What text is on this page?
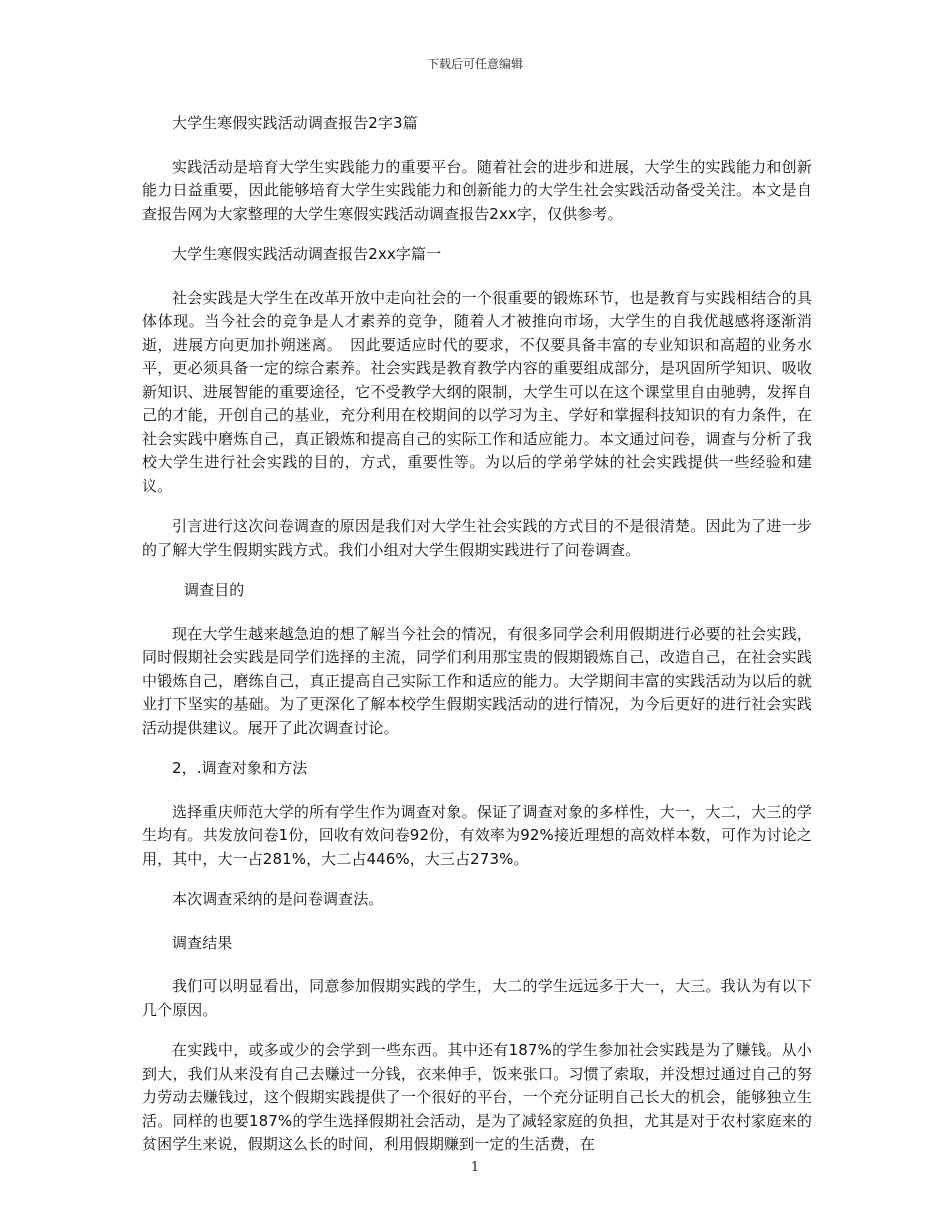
下载后可任意编辑

大学生寒假实践活动调查报告2字3篇

实践活动是培育大学生实践能力的重要平台。随着社会的进步和进展，大学生的实践能力和创新能力日益重要，因此能够培育大学生实践能力和创新能力的大学生社会实践活动备受关注。本文是自查报告网为大家整理的大学生寒假实践活动调查报告2xx字，仅供参考。

大学生寒假实践活动调查报告2xx字篇一

社会实践是大学生在改革开放中走向社会的一个很重要的锻炼环节，也是教育与实践相结合的具体体现。当今社会的竞争是人才素养的竞争，随着人才被推向市场，大学生的自我优越感将逐渐消逝，进展方向更加扑朔迷离。　因此要适应时代的要求，不仅要具备丰富的专业知识和高超的业务水平，更必须具备一定的综合素养。社会实践是教育教学内容的重要组成部分，是巩固所学知识、吸收新知识、进展智能的重要途径，它不受教学大纲的限制，大学生可以在这个课堂里自由驰骋，发挥自己的才能，开创自己的基业，充分利用在校期间的以学习为主、学好和掌握科技知识的有力条件，在社会实践中磨炼自己，真正锻炼和提高自己的实际工作和适应能力。本文通过问卷，调查与分析了我校大学生进行社会实践的目的，方式，重要性等。为以后的学弟学妹的社会实践提供一些经验和建议。

引言进行这次问卷调查的原因是我们对大学生社会实践的方式目的不是很清楚。因此为了进一步的了解大学生假期实践方式。我们小组对大学生假期实践进行了问卷调查。

调查目的

现在大学生越来越急迫的想了解当今社会的情况，有很多同学会利用假期进行必要的社会实践，同时假期社会实践是同学们选择的主流，同学们利用那宝贵的假期锻炼自己，改造自己，在社会实践中锻炼自己，磨练自己，真正提高自己实际工作和适应的能力。大学期间丰富的实践活动为以后的就业打下坚实的基础。为了更深化了解本校学生假期实践活动的进行情况，为今后更好的进行社会实践活动提供建议。展开了此次调查讨论。

2，.调查对象和方法

选择重庆师范大学的所有学生作为调查对象。保证了调查对象的多样性，大一，大二，大三的学生均有。共发放问卷1份，回收有效问卷92份，有效率为92%接近理想的高效样本数，可作为讨论之用，其中，大一占281%，大二占446%，大三占273%。

本次调查采纳的是问卷调查法。

调查结果

我们可以明显看出，同意参加假期实践的学生，大二的学生远远多于大一，大三。我认为有以下几个原因。

在实践中，或多或少的会学到一些东西。其中还有187%的学生参加社会实践是为了赚钱。从小到大，我们从来没有自己去赚过一分钱，衣来伸手，饭来张口。习惯了索取，并没想过通过自己的努力劳动去赚钱过，这个假期实践提供了一个很好的平台，一个充分证明自己长大的机会，能够独立生活。同样的也要187%的学生选择假期社会活动，是为了减轻家庭的负担，尤其是对于农村家庭来的贫困学生来说，假期这么长的时间，利用假期赚到一定的生活费，在

1
